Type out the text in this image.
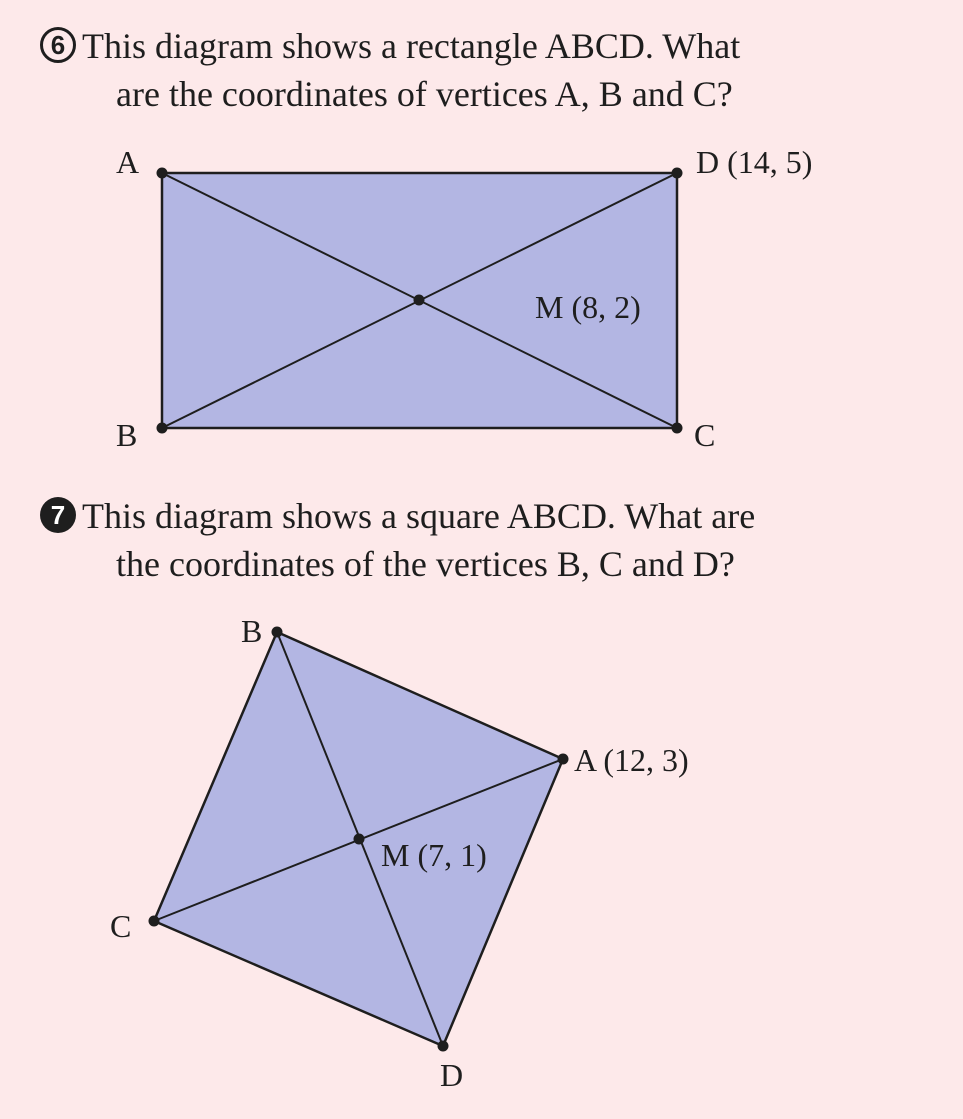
6 This diagram shows a rectangle ABCD. What
are the coordinates of vertices A, B and C?
7 This diagram shows a square ABCD. What are
the coordinates of the vertices B, C and D?
A	D (14, 5)
B	C
M (8, 2)
B
A (12, 3)
C
D
M (7, 1)
